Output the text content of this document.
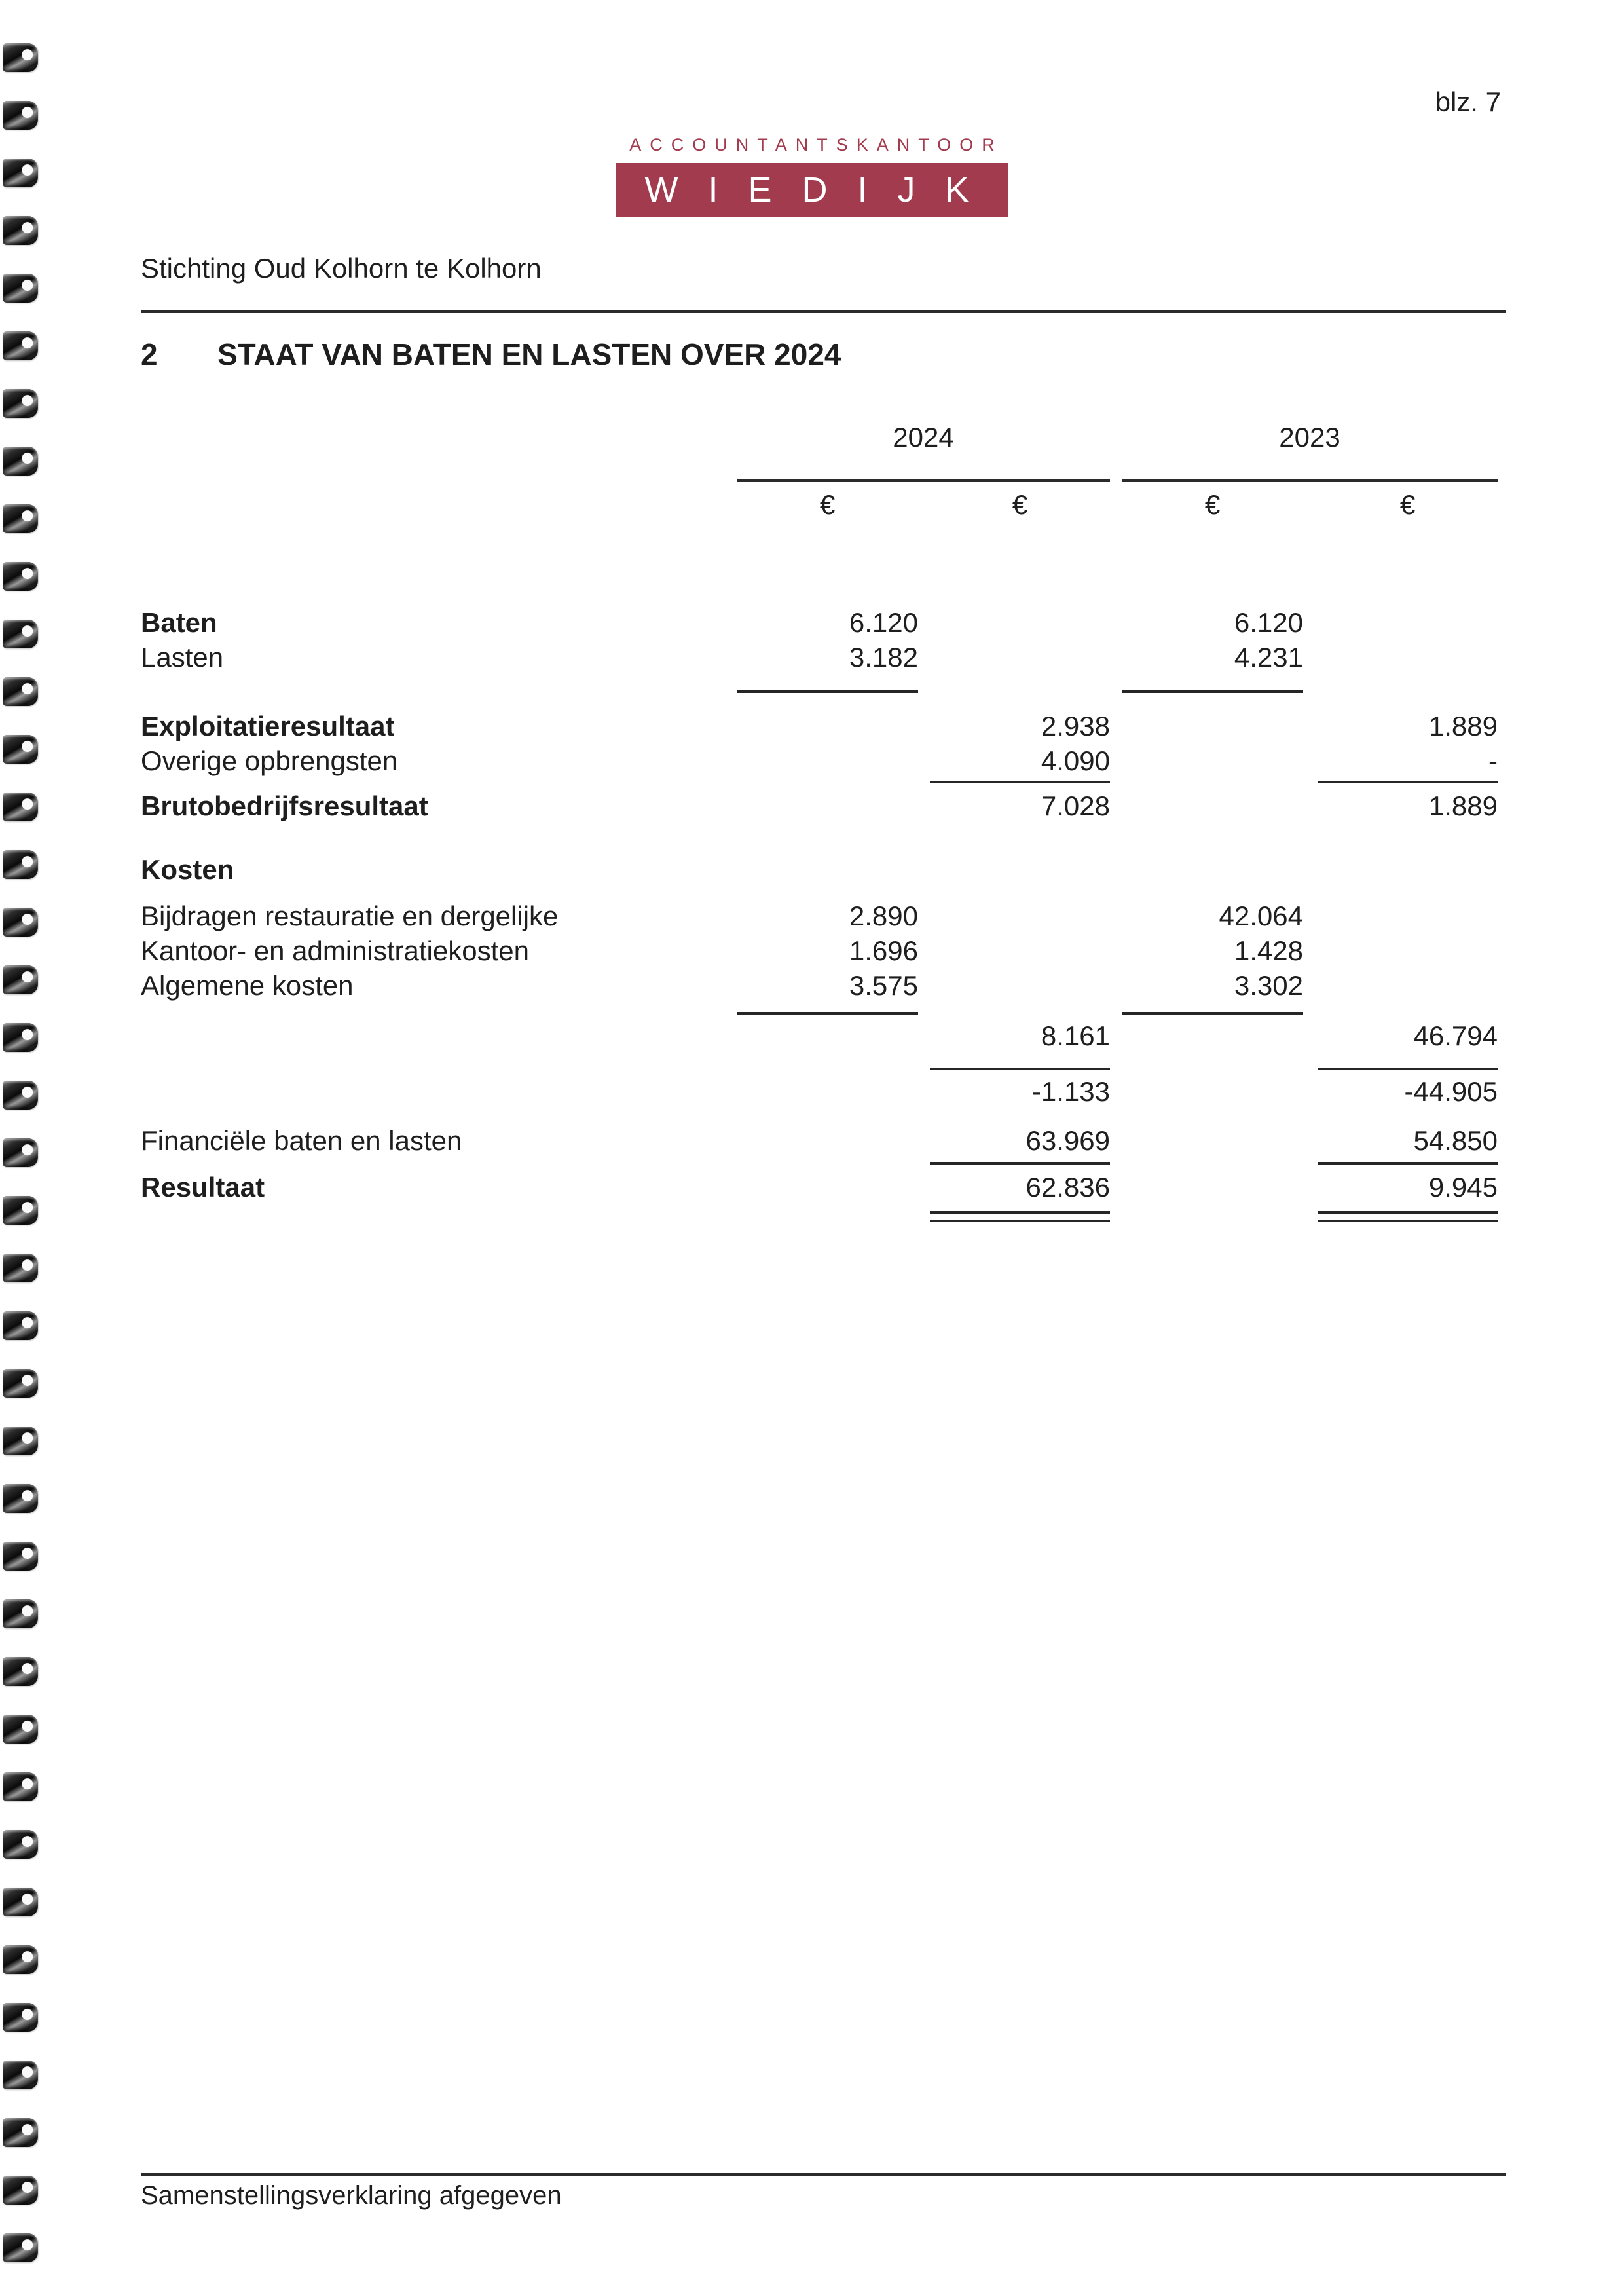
blz. 7
ACCOUNTANTSKANTOOR
WIEDIJK
Stichting Oud Kolhorn te Kolhorn
2	STAAT VAN BATEN EN LASTEN OVER 2024
2024	2023
€	€	€	€
Baten	6.120	6.120
Lasten	3.182	4.231
Exploitatieresultaat	2.938	1.889
Overige opbrengsten	4.090	-
Brutobedrijfsresultaat	7.028	1.889
Kosten
Bijdragen restauratie en dergelijke	2.890	42.064
Kantoor- en administratiekosten	1.696	1.428
Algemene kosten	3.575	3.302
8.161	46.794
-1.133	-44.905
Financiële baten en lasten	63.969	54.850
Resultaat	62.836	9.945
Samenstellingsverklaring afgegeven
